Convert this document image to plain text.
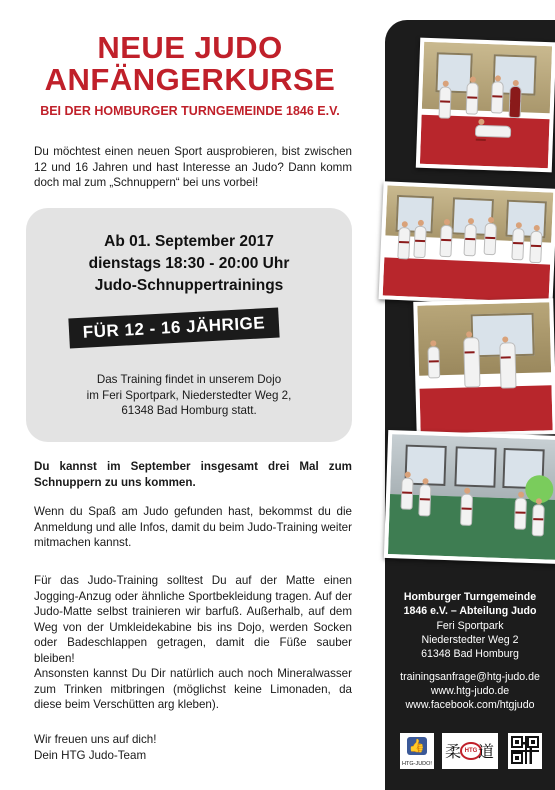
NEUE JUDO
ANFÄNGERKURSE
BEI DER HOMBURGER TURNGEMEINDE 1846 E.V.
Du möchtest einen neuen Sport ausprobieren, bist zwischen 12 und 16 Jahren und hast Interesse an Judo? Dann komm doch mal zum „Schnuppern“ bei uns vorbei!
Ab 01. September 2017
dienstags 18:30 - 20:00 Uhr
Judo-Schnuppertrainings
FÜR 12 - 16 JÄHRIGE
Das Training findet in unserem Dojo
im Feri Sportpark, Niederstedter Weg 2,
61348 Bad Homburg statt.
Du kannst im September insgesamt drei Mal zum Schnuppern zu uns kommen.
Wenn du Spaß am Judo gefunden hast, bekommst du die Anmeldung und alle Infos, damit du beim Judo-Training weiter mitmachen kannst.
Für das Judo-Training solltest Du auf der Matte einen Jogging-Anzug oder ähnliche Sportbekleidung tragen. Auf der Judo-Matte selbst trainieren wir barfuß. Außerhalb, auf dem Weg von der Umkleidekabine bis ins Dojo, werden Socken oder Badeschlappen getragen, damit die Füße sauber bleiben!
Ansonsten kannst Du Dir natürlich auch noch Mineralwasser zum Trinken mitbringen (möglichst keine Limonaden, da diese beim Verschütten arg kleben).
Wir freuen uns auf dich!
Dein HTG Judo-Team
Homburger Turngemeinde
1846 e.V. – Abteilung Judo
Feri Sportpark
Niederstedter Weg 2
61348 Bad Homburg
trainingsanfrage@htg-judo.de
www.htg-judo.de
www.facebook.com/htgjudo
👍
HTG-JUDO!
柔 HTG 道
